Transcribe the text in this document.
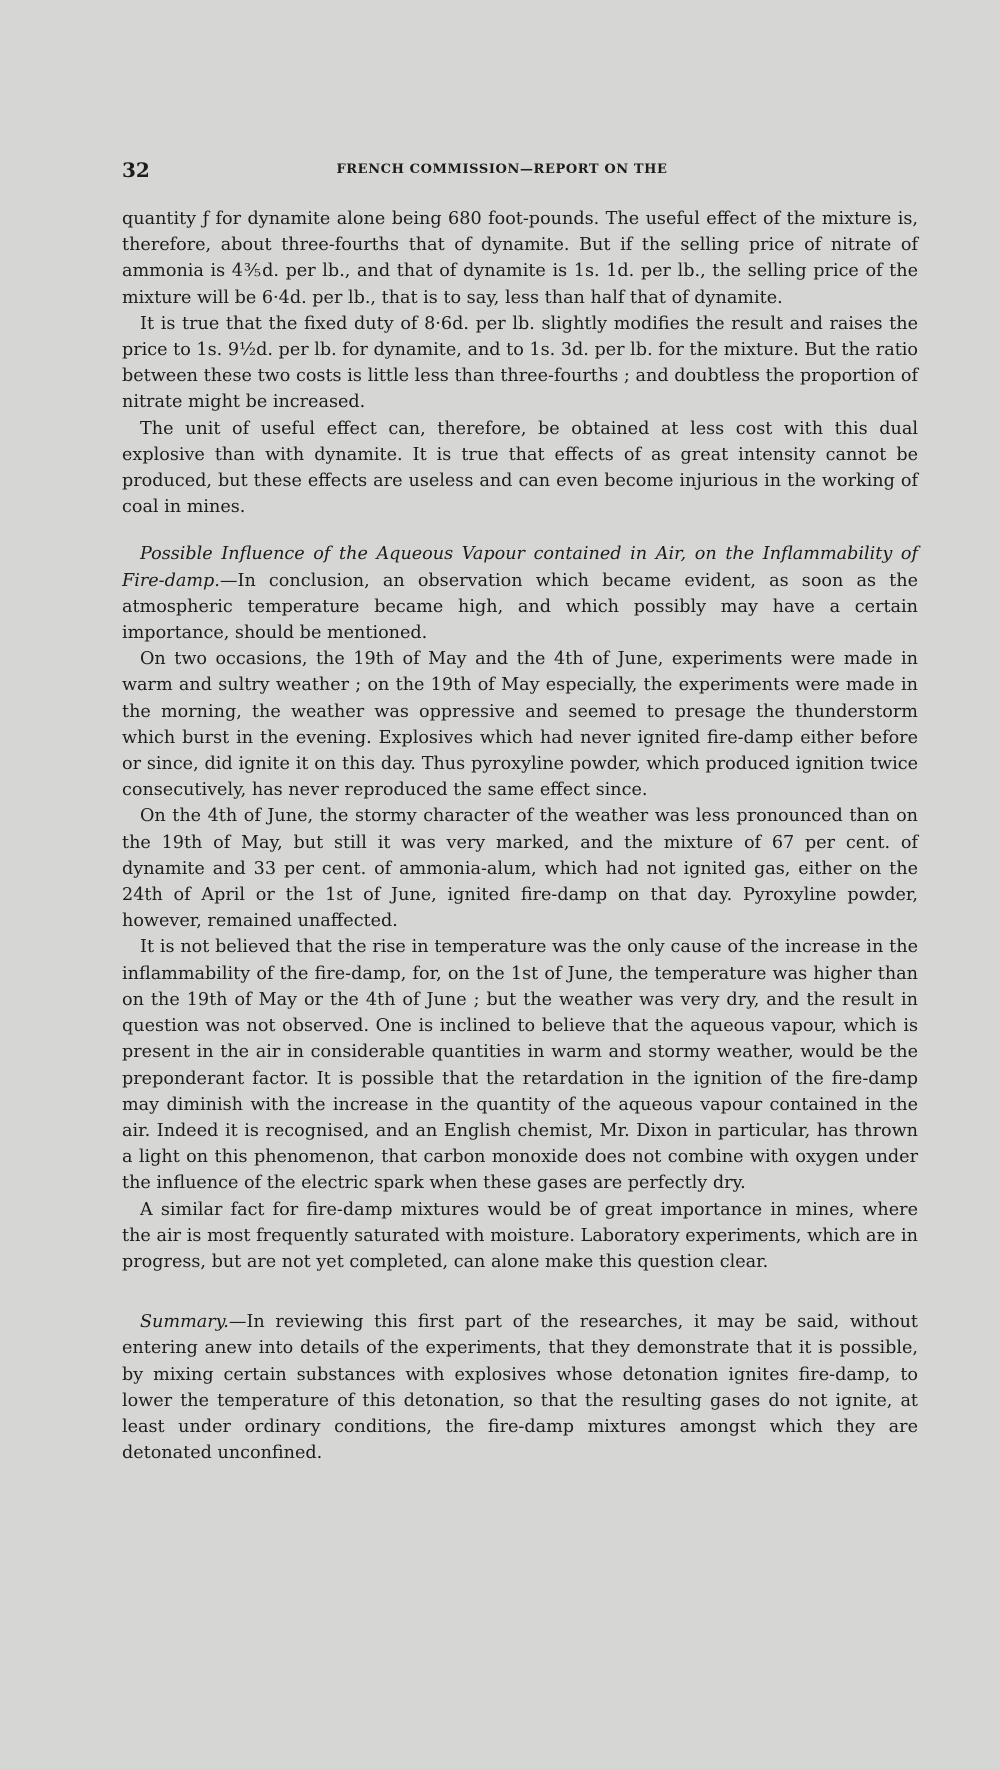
32	FRENCH COMMISSION—REPORT ON THE

quantity ƒ for dynamite alone being 680 foot-pounds. The useful effect of the mixture is, therefore, about three-fourths that of dynamite. But if the selling price of nitrate of ammonia is 4⅗d. per lb., and that of dynamite is 1s. 1d. per lb., the selling price of the mixture will be 6·4d. per lb., that is to say, less than half that of dynamite.

It is true that the fixed duty of 8·6d. per lb. slightly modifies the result and raises the price to 1s. 9½d. per lb. for dynamite, and to 1s. 3d. per lb. for the mixture. But the ratio between these two costs is little less than three-fourths ; and doubtless the proportion of nitrate might be increased.

The unit of useful effect can, therefore, be obtained at less cost with this dual explosive than with dynamite. It is true that effects of as great intensity cannot be produced, but these effects are useless and can even become injurious in the working of coal in mines.

Possible Influence of the Aqueous Vapour contained in Air, on the Inflammability of Fire-damp.—In conclusion, an observation which became evident, as soon as the atmospheric temperature became high, and which possibly may have a certain importance, should be mentioned.

On two occasions, the 19th of May and the 4th of June, experiments were made in warm and sultry weather ; on the 19th of May especially, the experiments were made in the morning, the weather was oppressive and seemed to presage the thunderstorm which burst in the evening. Explosives which had never ignited fire-damp either before or since, did ignite it on this day. Thus pyroxyline powder, which produced ignition twice consecutively, has never reproduced the same effect since.

On the 4th of June, the stormy character of the weather was less pronounced than on the 19th of May, but still it was very marked, and the mixture of 67 per cent. of dynamite and 33 per cent. of ammonia-alum, which had not ignited gas, either on the 24th of April or the 1st of June, ignited fire-damp on that day. Pyroxyline powder, however, remained unaffected.

It is not believed that the rise in temperature was the only cause of the increase in the inflammability of the fire-damp, for, on the 1st of June, the temperature was higher than on the 19th of May or the 4th of June ; but the weather was very dry, and the result in question was not observed. One is inclined to believe that the aqueous vapour, which is present in the air in considerable quantities in warm and stormy weather, would be the preponderant factor. It is possible that the retardation in the ignition of the fire-damp may diminish with the increase in the quantity of the aqueous vapour contained in the air. Indeed it is recognised, and an English chemist, Mr. Dixon in particular, has thrown a light on this phenomenon, that carbon monoxide does not combine with oxygen under the influence of the electric spark when these gases are perfectly dry.

A similar fact for fire-damp mixtures would be of great importance in mines, where the air is most frequently saturated with moisture. Laboratory experiments, which are in progress, but are not yet completed, can alone make this question clear.

Summary.—In reviewing this first part of the researches, it may be said, without entering anew into details of the experiments, that they demonstrate that it is possible, by mixing certain substances with explosives whose detonation ignites fire-damp, to lower the temperature of this detonation, so that the resulting gases do not ignite, at least under ordinary conditions, the fire-damp mixtures amongst which they are detonated unconfined.
